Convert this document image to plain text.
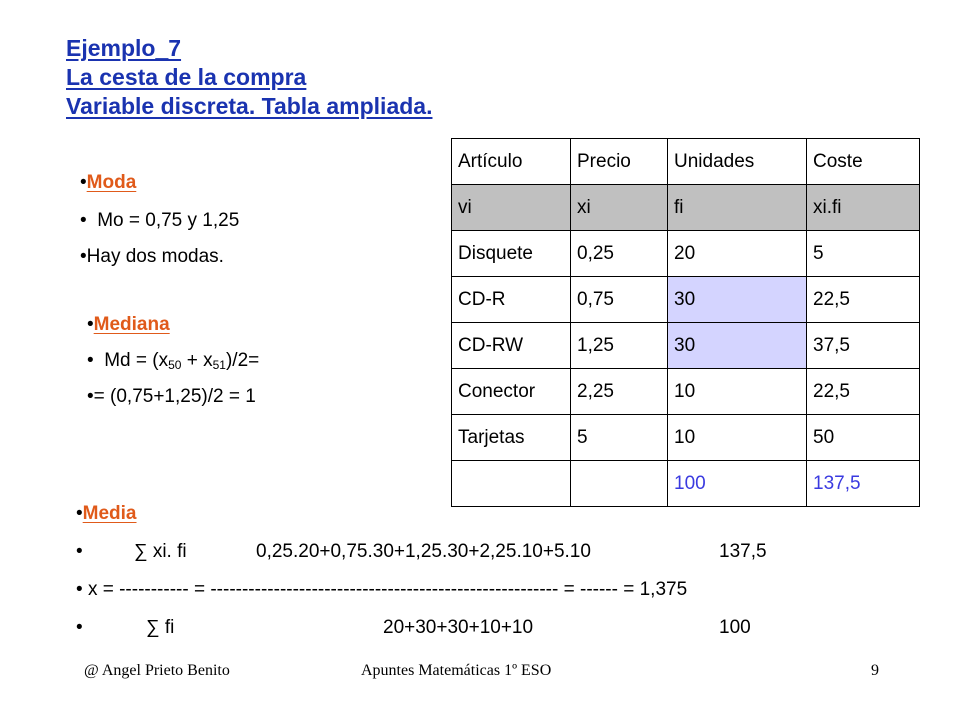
Ejemplo_7
La cesta de la compra
Variable discreta. Tabla ampliada.
•Moda
• Mo = 0,75 y 1,25
•Hay dos modas.
•Mediana
• $Md = (x_{50} + x_{51})/2=$
•= (0,75+1,25)/2 = 1
Artículo	Precio	Unidades	Coste
vi	xi	fi	xi.fi
Disquete	0,25	20	5
CD-R	0,75	30	22,5
CD-RW	1,25	30	37,5
Conector	2,25	10	22,5
Tarjetas	5	10	50
		100	137,5
•Media
•	∑ xi. fi	0,25.20+0,75.30+1,25.30+2,25.10+5.10	137,5
• x = ----------- = ------------------------------------------------------- = ------ = 1,375
•	∑ fi	20+30+30+10+10	100
@ Angel Prieto Benito	Apuntes Matemáticas 1º ESO	9
